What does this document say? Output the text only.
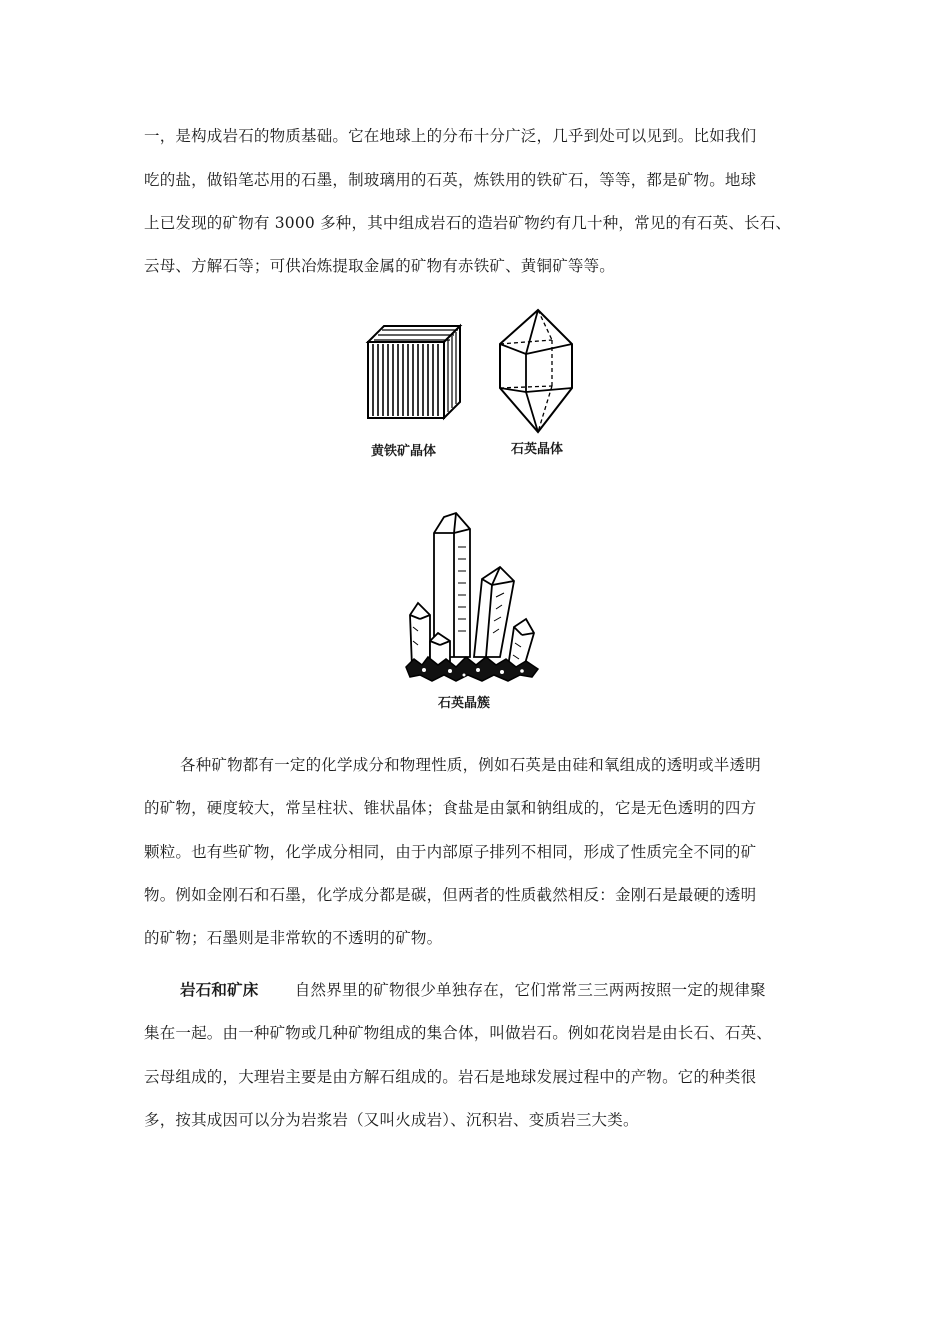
一，是构成岩石的物质基础。它在地球上的分布十分广泛，几乎到处可以见到。比如我们
吃的盐，做铅笔芯用的石墨，制玻璃用的石英，炼铁用的铁矿石，等等，都是矿物。地球
上已发现的矿物有 3000 多种，其中组成岩石的造岩矿物约有几十种，常见的有石英、长石、
云母、方解石等；可供冶炼提取金属的矿物有赤铁矿、黄铜矿等等。
黄铁矿晶体	石英晶体
石英晶簇
各种矿物都有一定的化学成分和物理性质，例如石英是由硅和氧组成的透明或半透明
的矿物，硬度较大，常呈柱状、锥状晶体；食盐是由氯和钠组成的，它是无色透明的四方
颗粒。也有些矿物，化学成分相同，由于内部原子排列不相同，形成了性质完全不同的矿
物。例如金刚石和石墨，化学成分都是碳，但两者的性质截然相反：金刚石是最硬的透明
的矿物；石墨则是非常软的不透明的矿物。
岩石和矿床 自然界里的矿物很少单独存在，它们常常三三两两按照一定的规律聚
集在一起。由一种矿物或几种矿物组成的集合体，叫做岩石。例如花岗岩是由长石、石英、
云母组成的，大理岩主要是由方解石组成的。岩石是地球发展过程中的产物。它的种类很
多，按其成因可以分为岩浆岩（又叫火成岩）、沉积岩、变质岩三大类。
